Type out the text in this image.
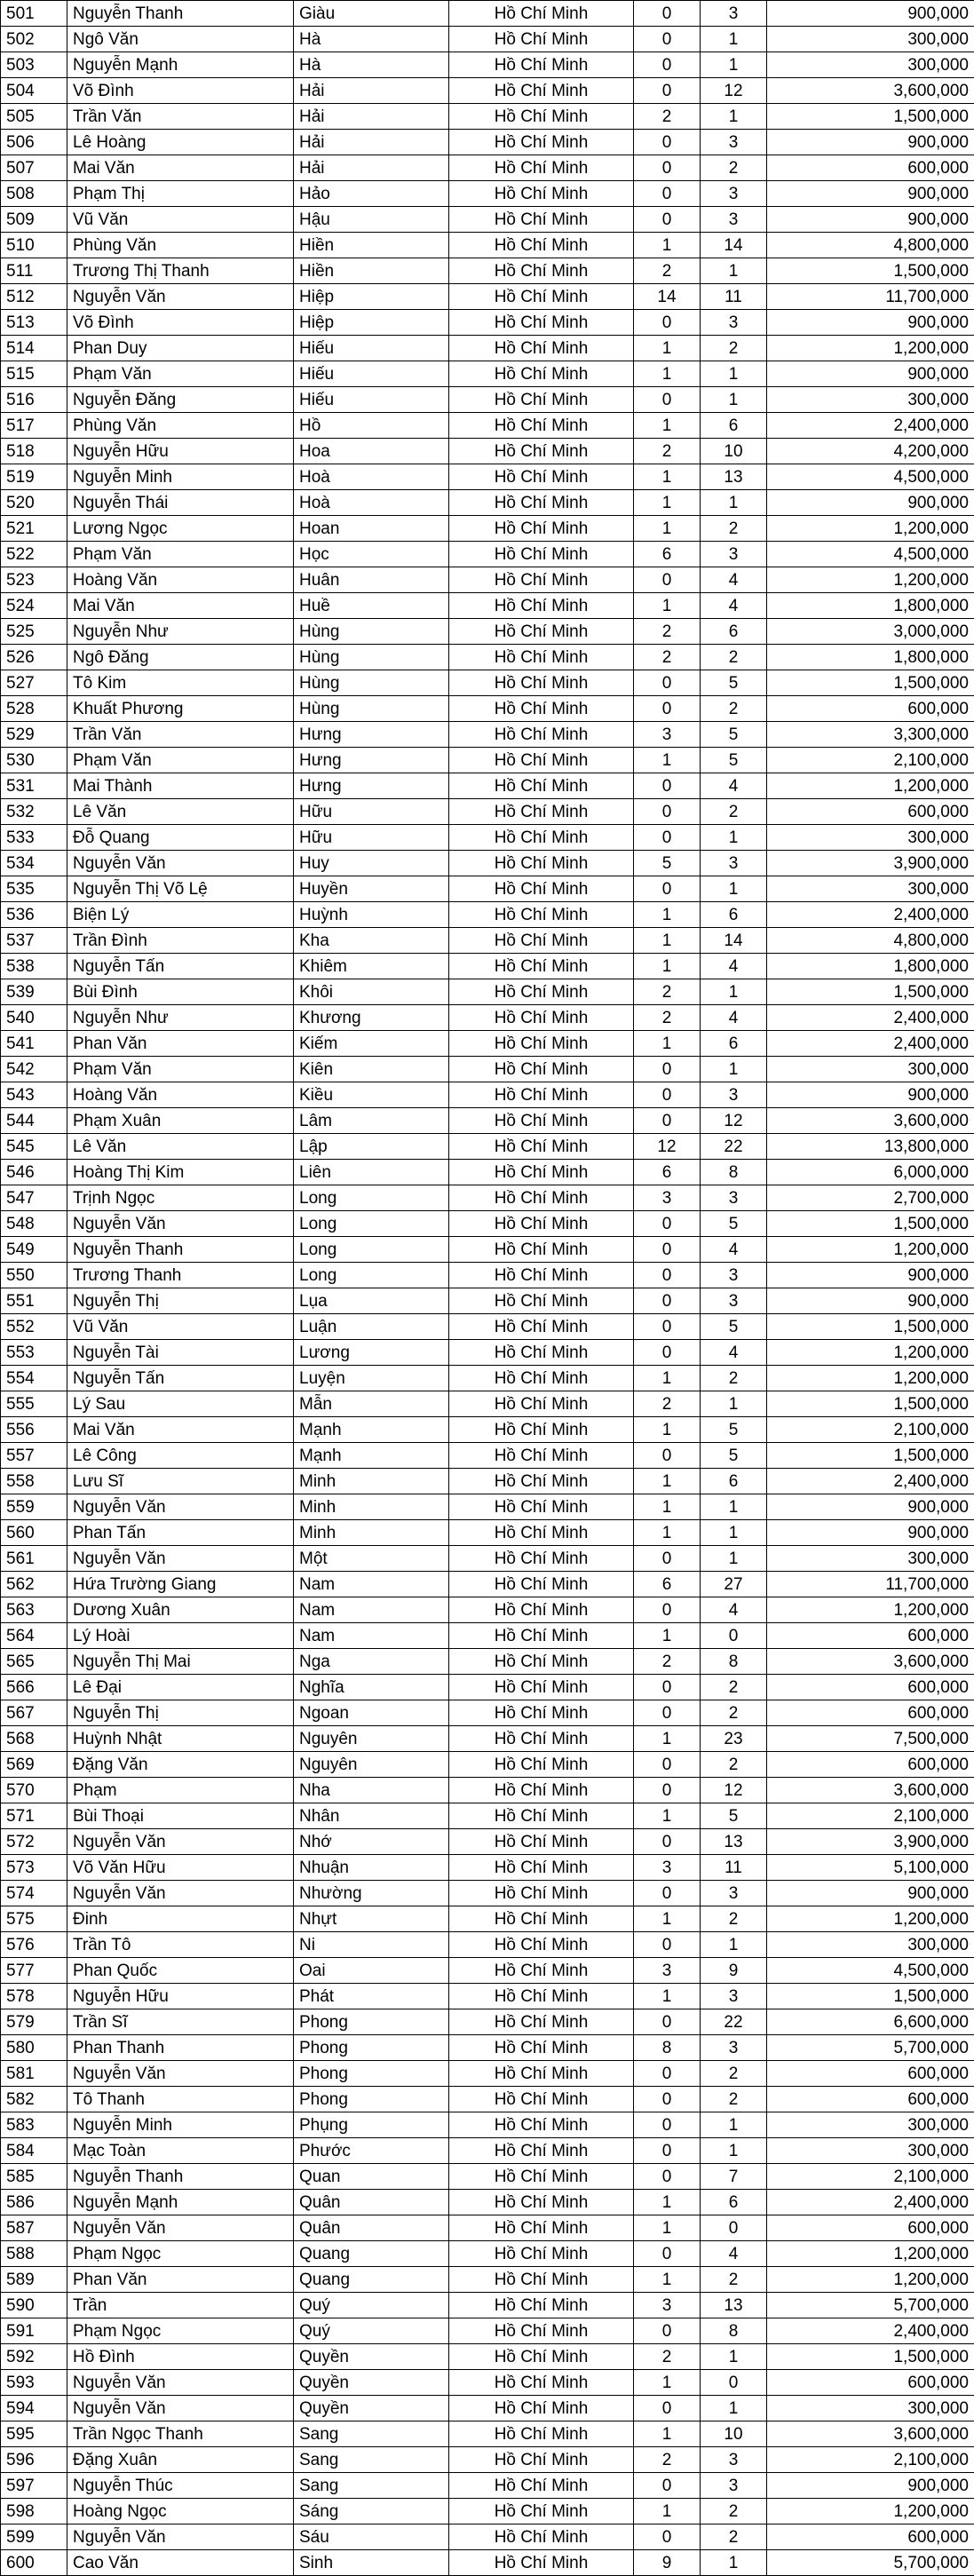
501	Nguyễn Thanh	Giàu	Hồ Chí Minh	0	3	900,000
502	Ngô Văn	Hà	Hồ Chí Minh	0	1	300,000
503	Nguyễn Mạnh	Hà	Hồ Chí Minh	0	1	300,000
504	Võ Đình	Hải	Hồ Chí Minh	0	12	3,600,000
505	Trần Văn	Hải	Hồ Chí Minh	2	1	1,500,000
506	Lê Hoàng	Hải	Hồ Chí Minh	0	3	900,000
507	Mai Văn	Hải	Hồ Chí Minh	0	2	600,000
508	Phạm Thị	Hảo	Hồ Chí Minh	0	3	900,000
509	Vũ Văn	Hậu	Hồ Chí Minh	0	3	900,000
510	Phùng Văn	Hiền	Hồ Chí Minh	1	14	4,800,000
511	Trương Thị Thanh	Hiền	Hồ Chí Minh	2	1	1,500,000
512	Nguyễn Văn	Hiệp	Hồ Chí Minh	14	11	11,700,000
513	Võ Đình	Hiệp	Hồ Chí Minh	0	3	900,000
514	Phan Duy	Hiếu	Hồ Chí Minh	1	2	1,200,000
515	Phạm Văn	Hiếu	Hồ Chí Minh	1	1	900,000
516	Nguyễn Đăng	Hiếu	Hồ Chí Minh	0	1	300,000
517	Phùng Văn	Hồ	Hồ Chí Minh	1	6	2,400,000
518	Nguyễn Hữu	Hoa	Hồ Chí Minh	2	10	4,200,000
519	Nguyễn Minh	Hoà	Hồ Chí Minh	1	13	4,500,000
520	Nguyễn Thái	Hoà	Hồ Chí Minh	1	1	900,000
521	Lương Ngọc	Hoan	Hồ Chí Minh	1	2	1,200,000
522	Phạm Văn	Học	Hồ Chí Minh	6	3	4,500,000
523	Hoàng Văn	Huân	Hồ Chí Minh	0	4	1,200,000
524	Mai Văn	Huề	Hồ Chí Minh	1	4	1,800,000
525	Nguyễn Như	Hùng	Hồ Chí Minh	2	6	3,000,000
526	Ngô Đăng	Hùng	Hồ Chí Minh	2	2	1,800,000
527	Tô Kim	Hùng	Hồ Chí Minh	0	5	1,500,000
528	Khuất Phương	Hùng	Hồ Chí Minh	0	2	600,000
529	Trần Văn	Hưng	Hồ Chí Minh	3	5	3,300,000
530	Phạm Văn	Hưng	Hồ Chí Minh	1	5	2,100,000
531	Mai Thành	Hưng	Hồ Chí Minh	0	4	1,200,000
532	Lê Văn	Hữu	Hồ Chí Minh	0	2	600,000
533	Đỗ Quang	Hữu	Hồ Chí Minh	0	1	300,000
534	Nguyễn Văn	Huy	Hồ Chí Minh	5	3	3,900,000
535	Nguyễn Thị Võ Lệ	Huyền	Hồ Chí Minh	0	1	300,000
536	Biện Lý	Huỳnh	Hồ Chí Minh	1	6	2,400,000
537	Trần Đình	Kha	Hồ Chí Minh	1	14	4,800,000
538	Nguyễn Tấn	Khiêm	Hồ Chí Minh	1	4	1,800,000
539	Bùi Đình	Khôi	Hồ Chí Minh	2	1	1,500,000
540	Nguyễn Như	Khương	Hồ Chí Minh	2	4	2,400,000
541	Phan Văn	Kiếm	Hồ Chí Minh	1	6	2,400,000
542	Phạm Văn	Kiên	Hồ Chí Minh	0	1	300,000
543	Hoàng Văn	Kiều	Hồ Chí Minh	0	3	900,000
544	Phạm Xuân	Lâm	Hồ Chí Minh	0	12	3,600,000
545	Lê Văn	Lập	Hồ Chí Minh	12	22	13,800,000
546	Hoàng Thị Kim	Liên	Hồ Chí Minh	6	8	6,000,000
547	Trịnh Ngọc	Long	Hồ Chí Minh	3	3	2,700,000
548	Nguyễn Văn	Long	Hồ Chí Minh	0	5	1,500,000
549	Nguyễn Thanh	Long	Hồ Chí Minh	0	4	1,200,000
550	Trương Thanh	Long	Hồ Chí Minh	0	3	900,000
551	Nguyễn Thị	Lụa	Hồ Chí Minh	0	3	900,000
552	Vũ Văn	Luận	Hồ Chí Minh	0	5	1,500,000
553	Nguyễn Tài	Lương	Hồ Chí Minh	0	4	1,200,000
554	Nguyễn Tấn	Luyện	Hồ Chí Minh	1	2	1,200,000
555	Lý Sau	Mẫn	Hồ Chí Minh	2	1	1,500,000
556	Mai Văn	Mạnh	Hồ Chí Minh	1	5	2,100,000
557	Lê Công	Mạnh	Hồ Chí Minh	0	5	1,500,000
558	Lưu Sĩ	Minh	Hồ Chí Minh	1	6	2,400,000
559	Nguyễn Văn	Minh	Hồ Chí Minh	1	1	900,000
560	Phan Tấn	Minh	Hồ Chí Minh	1	1	900,000
561	Nguyễn Văn	Một	Hồ Chí Minh	0	1	300,000
562	Hứa Trường Giang	Nam	Hồ Chí Minh	6	27	11,700,000
563	Dương Xuân	Nam	Hồ Chí Minh	0	4	1,200,000
564	Lý Hoài	Nam	Hồ Chí Minh	1	0	600,000
565	Nguyễn Thị Mai	Nga	Hồ Chí Minh	2	8	3,600,000
566	Lê Đại	Nghĩa	Hồ Chí Minh	0	2	600,000
567	Nguyễn Thị	Ngoan	Hồ Chí Minh	0	2	600,000
568	Huỳnh Nhật	Nguyên	Hồ Chí Minh	1	23	7,500,000
569	Đặng Văn	Nguyên	Hồ Chí Minh	0	2	600,000
570	Phạm	Nha	Hồ Chí Minh	0	12	3,600,000
571	Bùi Thoại	Nhân	Hồ Chí Minh	1	5	2,100,000
572	Nguyễn Văn	Nhớ	Hồ Chí Minh	0	13	3,900,000
573	Võ Văn Hữu	Nhuận	Hồ Chí Minh	3	11	5,100,000
574	Nguyễn Văn	Nhường	Hồ Chí Minh	0	3	900,000
575	Đinh	Nhựt	Hồ Chí Minh	1	2	1,200,000
576	Trần Tô	Ni	Hồ Chí Minh	0	1	300,000
577	Phan Quốc	Oai	Hồ Chí Minh	3	9	4,500,000
578	Nguyễn Hữu	Phát	Hồ Chí Minh	1	3	1,500,000
579	Trần Sĩ	Phong	Hồ Chí Minh	0	22	6,600,000
580	Phan Thanh	Phong	Hồ Chí Minh	8	3	5,700,000
581	Nguyễn Văn	Phong	Hồ Chí Minh	0	2	600,000
582	Tô Thanh	Phong	Hồ Chí Minh	0	2	600,000
583	Nguyễn Minh	Phụng	Hồ Chí Minh	0	1	300,000
584	Mạc Toàn	Phước	Hồ Chí Minh	0	1	300,000
585	Nguyễn Thanh	Quan	Hồ Chí Minh	0	7	2,100,000
586	Nguyễn Mạnh	Quân	Hồ Chí Minh	1	6	2,400,000
587	Nguyễn Văn	Quân	Hồ Chí Minh	1	0	600,000
588	Phạm Ngọc	Quang	Hồ Chí Minh	0	4	1,200,000
589	Phan Văn	Quang	Hồ Chí Minh	1	2	1,200,000
590	Trần	Quý	Hồ Chí Minh	3	13	5,700,000
591	Phạm Ngọc	Quý	Hồ Chí Minh	0	8	2,400,000
592	Hồ Đình	Quyền	Hồ Chí Minh	2	1	1,500,000
593	Nguyễn Văn	Quyền	Hồ Chí Minh	1	0	600,000
594	Nguyễn Văn	Quyền	Hồ Chí Minh	0	1	300,000
595	Trần Ngọc Thanh	Sang	Hồ Chí Minh	1	10	3,600,000
596	Đặng Xuân	Sang	Hồ Chí Minh	2	3	2,100,000
597	Nguyễn Thúc	Sang	Hồ Chí Minh	0	3	900,000
598	Hoàng Ngọc	Sáng	Hồ Chí Minh	1	2	1,200,000
599	Nguyễn Văn	Sáu	Hồ Chí Minh	0	2	600,000
600	Cao Văn	Sinh	Hồ Chí Minh	9	1	5,700,000
